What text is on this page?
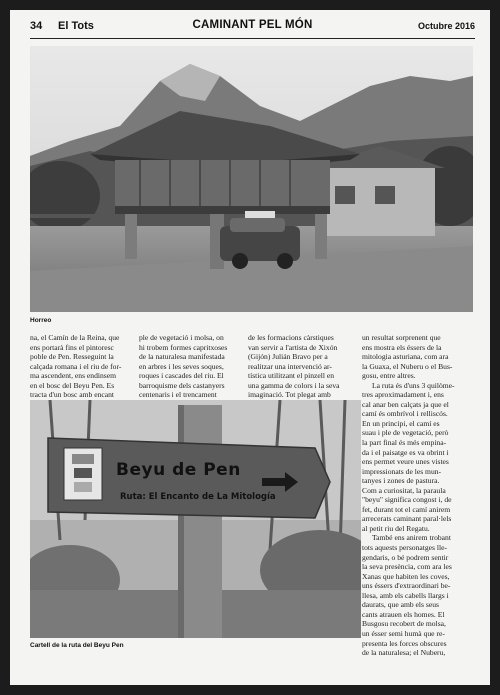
34 El Tots	CAMINANT PEL MÓN	Octubre 2016
Horreo
Beyu de Pen
Ruta: El Encanto de La Mitología
Cartell de la ruta del Beyu Pen
na, el Camín de la Reina, que
ens portarà fins el pintoresc
poble de Pen. Resseguint la
calçada romana i el riu de for-
ma ascendent, ens endinsem
en el bosc del Beyu Pen. Es
tracta d'un bosc amb encant
ple de vegetació i molsa, on
hi trobem formes capritxoses
de la naturalesa manifestada
en arbres i les seves soques,
roques i cascades del riu. El
barroquisme dels castanyers
centenaris i el trencament
de les formacions càrstiques
van servir a l'artista de Xixón
(Gijón) Julián Bravo per a
realitzar una intervenció ar-
tística utilitzant el pinzell en
una gamma de colors i la seva
imaginació. Tot plegat amb
un resultat sorprenent que
ens mostra els éssers de la
mitologia asturiana, com ara
la Guaxa, el Nuberu o el Bus-
gosu, entre altres.
La ruta és d'uns 3 quilòme-
tres aproximadament i, ens
cal anar ben calçats ja que el
camí és ombrívol i relliscós.
En un principi, el camí es
suau i ple de vegetació, però
la part final és més empina-
da i el paisatge es va obrint i
ens permet veure unes vistes
impressionats de les mun-
tanyes i zones de pastura.
Com a curiositat, la paraula
"beyu" significa congost i, de
fet, durant tot el camí anirem
arrecerats caminant paral·lels
al petit riu del Regatu.
També ens anirem trobant
tots aquests personatges lle-
gendaris, o bé podrem sentir
la seva presència, com ara les
Xanas que habiten les coves,
uns éssers d'extraordinari be-
llesa, amb els cabells llargs i
daurats, que amb els seus
cants atrauen els homes. El
Busgosu recobert de molsa,
un ésser semi humà que re-
presenta les forces obscures
de la naturalesa; el Nuberu,
